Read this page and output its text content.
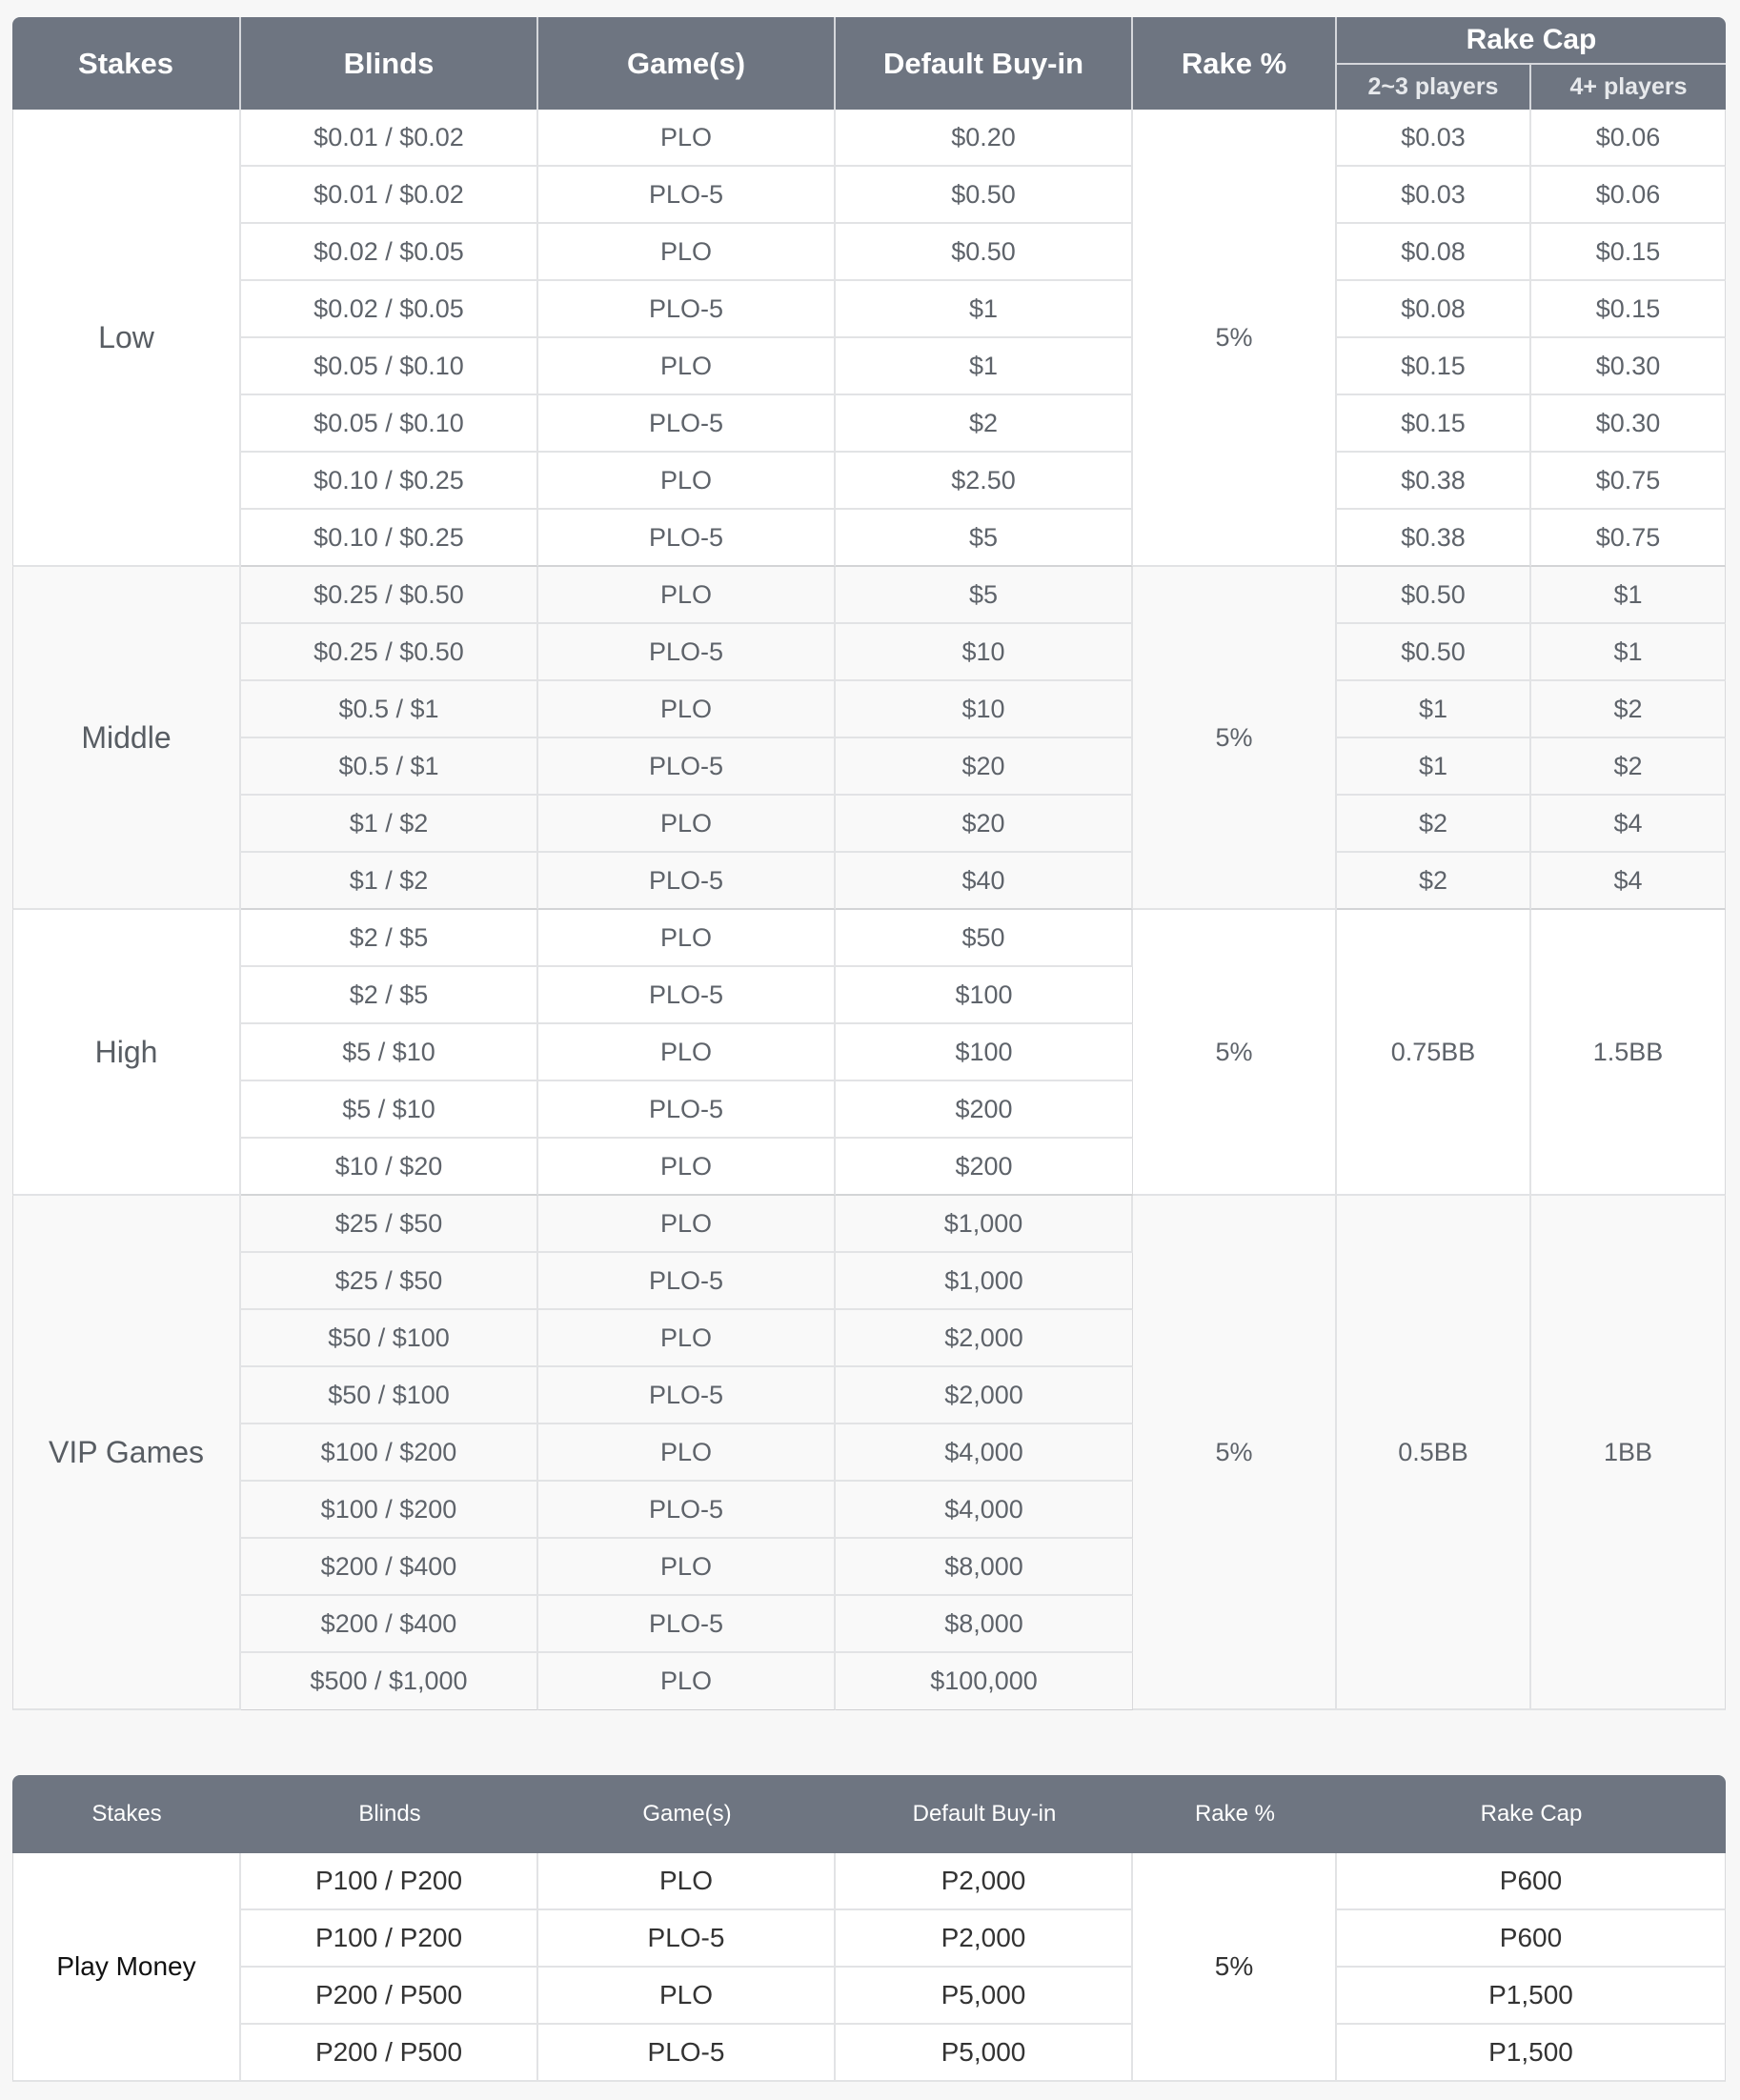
Stakes	Blinds	Game(s)	Default Buy-in	Rake %	Rake Cap	
					2~3 players	4+ players
Low	$0.01 / $0.02	PLO	$0.20	5%	$0.03	$0.06
	$0.01 / $0.02	PLO-5	$0.50		$0.03	$0.06
	$0.02 / $0.05	PLO	$0.50		$0.08	$0.15
	$0.02 / $0.05	PLO-5	$1		$0.08	$0.15
	$0.05 / $0.10	PLO	$1		$0.15	$0.30
	$0.05 / $0.10	PLO-5	$2		$0.15	$0.30
	$0.10 / $0.25	PLO	$2.50		$0.38	$0.75
	$0.10 / $0.25	PLO-5	$5		$0.38	$0.75
Middle	$0.25 / $0.50	PLO	$5	5%	$0.50	$1
	$0.25 / $0.50	PLO-5	$10		$0.50	$1
	$0.5 / $1	PLO	$10		$1	$2
	$0.5 / $1	PLO-5	$20		$1	$2
	$1 / $2	PLO	$20		$2	$4
	$1 / $2	PLO-5	$40		$2	$4
High	$2 / $5	PLO	$50	5%	0.75BB	1.5BB
	$2 / $5	PLO-5	$100			
	$5 / $10	PLO	$100			
	$5 / $10	PLO-5	$200			
	$10 / $20	PLO	$200			
VIP Games	$25 / $50	PLO	$1,000	5%	0.5BB	1BB
	$25 / $50	PLO-5	$1,000			
	$50 / $100	PLO	$2,000			
	$50 / $100	PLO-5	$2,000			
	$100 / $200	PLO	$4,000			
	$100 / $200	PLO-5	$4,000			
	$200 / $400	PLO	$8,000			
	$200 / $400	PLO-5	$8,000			
	$500 / $1,000	PLO	$100,000			
Stakes	Blinds	Game(s)	Default Buy-in	Rake %	Rake Cap
Play Money	P100 / P200	PLO	P2,000	5%	P600
	P100 / P200	PLO-5	P2,000		P600
	P200 / P500	PLO	P5,000		P1,500
	P200 / P500	PLO-5	P5,000		P1,500
